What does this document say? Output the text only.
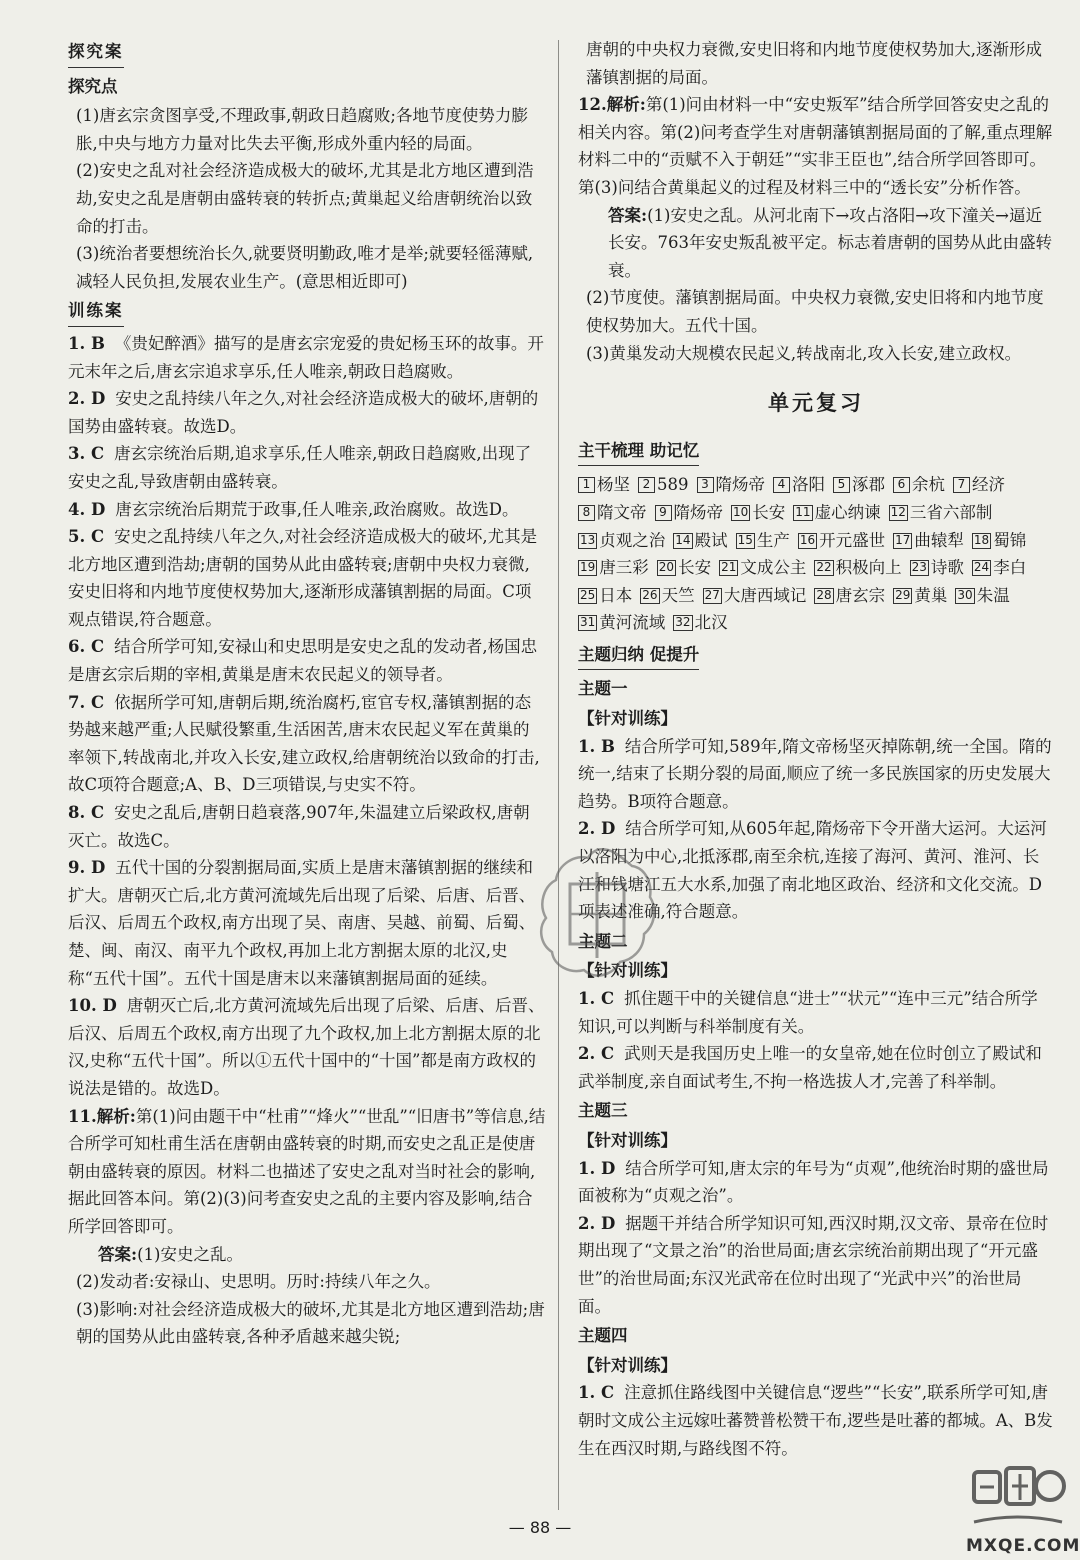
探究案
探究点

(1)唐玄宗贪图享受,不理政事,朝政日趋腐败;各地节度使势力膨胀,中央与地方力量对比失去平衡,形成外重内轻的局面。

(2)安史之乱对社会经济造成极大的破坏,尤其是北方地区遭到浩劫,安史之乱是唐朝由盛转衰的转折点;黄巢起义给唐朝统治以致命的打击。

(3)统治者要想统治长久,就要贤明勤政,唯才是举;就要轻徭薄赋,减轻人民负担,发展农业生产。(意思相近即可)

训练案

1. B 《贵妃醉酒》描写的是唐玄宗宠爱的贵妃杨玉环的故事。开元末年之后,唐玄宗追求享乐,任人唯亲,朝政日趋腐败。

2. D 安史之乱持续八年之久,对社会经济造成极大的破坏,唐朝的国势由盛转衰。故选D。

3. C 唐玄宗统治后期,追求享乐,任人唯亲,朝政日趋腐败,出现了安史之乱,导致唐朝由盛转衰。

4. D 唐玄宗统治后期荒于政事,任人唯亲,政治腐败。故选D。

5. C 安史之乱持续八年之久,对社会经济造成极大的破坏,尤其是北方地区遭到浩劫;唐朝的国势从此由盛转衰;唐朝中央权力衰微,安史旧将和内地节度使权势加大,逐渐形成藩镇割据的局面。C项观点错误,符合题意。

6. C 结合所学可知,安禄山和史思明是安史之乱的发动者,杨国忠是唐玄宗后期的宰相,黄巢是唐末农民起义的领导者。

7. C 依据所学可知,唐朝后期,统治腐朽,宦官专权,藩镇割据的态势越来越严重;人民赋役繁重,生活困苦,唐末农民起义军在黄巢的率领下,转战南北,并攻入长安,建立政权,给唐朝统治以致命的打击,故C项符合题意;A、B、D三项错误,与史实不符。

8. C 安史之乱后,唐朝日趋衰落,907年,朱温建立后梁政权,唐朝灭亡。故选C。

9. D 五代十国的分裂割据局面,实质上是唐末藩镇割据的继续和扩大。唐朝灭亡后,北方黄河流域先后出现了后梁、后唐、后晋、后汉、后周五个政权,南方出现了吴、南唐、吴越、前蜀、后蜀、楚、闽、南汉、南平九个政权,再加上北方割据太原的北汉,史称“五代十国”。五代十国是唐末以来藩镇割据局面的延续。

10. D 唐朝灭亡后,北方黄河流域先后出现了后梁、后唐、后晋、后汉、后周五个政权,南方出现了九个政权,加上北方割据太原的北汉,史称“五代十国”。所以①五代十国中的“十国”都是南方政权的说法是错的。故选D。

11.解析:第(1)问由题干中“杜甫”“烽火”“世乱”“旧唐书”等信息,结合所学可知杜甫生活在唐朝由盛转衰的时期,而安史之乱正是使唐朝由盛转衰的原因。材料二也描述了安史之乱对当时社会的影响,据此回答本问。第(2)(3)问考查安史之乱的主要内容及影响,结合所学回答即可。

答案:(1)安史之乱。

(2)发动者:安禄山、史思明。历时:持续八年之久。

(3)影响:对社会经济造成极大的破坏,尤其是北方地区遭到浩劫;唐朝的国势从此由盛转衰,各种矛盾越来越尖锐;

唐朝的中央权力衰微,安史旧将和内地节度使权势加大,逐渐形成藩镇割据的局面。

12.解析:第(1)问由材料一中“安史叛军”结合所学回答安史之乱的相关内容。第(2)问考查学生对唐朝藩镇割据局面的了解,重点理解材料二中的“贡赋不入于朝廷”“实非王臣也”,结合所学回答即可。第(3)问结合黄巢起义的过程及材料三中的“透长安”分析作答。

答案:(1)安史之乱。从河北南下→攻占洛阳→攻下潼关→逼近长安。763年安史叛乱被平定。标志着唐朝的国势从此由盛转衰。

(2)节度使。藩镇割据局面。中央权力衰微,安史旧将和内地节度使权势加大。五代十国。

(3)黄巢发动大规模农民起义,转战南北,攻入长安,建立政权。

单元复习
主干梳理 助记忆
1 杨坚 2 589 3 隋炀帝 4 洛阳 5 涿郡 6 余杭 7 经济8 隋文帝 9 隋炀帝 10 长安 11 虚心纳谏 12 三省六部制13 贞观之治 14 殿试 15 生产 16 开元盛世 17 曲辕犁 18 蜀锦19 唐三彩 20 长安 21 文成公主 22 积极向上 23 诗歌 24 李白25 日本 26 天竺 27 大唐西域记 28 唐玄宗 29 黄巢 30 朱温31 黄河流域 32 北汉
主题归纳 促提升
主题一
【针对训练】

1. B 结合所学可知,589年,隋文帝杨坚灭掉陈朝,统一全国。隋的统一,结束了长期分裂的局面,顺应了统一多民族国家的历史发展大趋势。B项符合题意。

2. D 结合所学可知,从605年起,隋炀帝下令开凿大运河。大运河以洛阳为中心,北抵涿郡,南至余杭,连接了海河、黄河、淮河、长江和钱塘江五大水系,加强了南北地区政治、经济和文化交流。D项表述准确,符合题意。

主题二
【针对训练】

1. C 抓住题干中的关键信息“进士”“状元”“连中三元”结合所学知识,可以判断与科举制度有关。

2. C 武则天是我国历史上唯一的女皇帝,她在位时创立了殿试和武举制度,亲自面试考生,不拘一格选拔人才,完善了科举制。

主题三
【针对训练】

1. D 结合所学可知,唐太宗的年号为“贞观”,他统治时期的盛世局面被称为“贞观之治”。

2. D 据题干并结合所学知识可知,西汉时期,汉文帝、景帝在位时期出现了“文景之治”的治世局面;唐玄宗统治前期出现了“开元盛世”的治世局面;东汉光武帝在位时出现了“光武中兴”的治世局面。

主题四
【针对训练】

1. C 注意抓住路线图中关键信息“逻些”“长安”,联系所学可知,唐朝时文成公主远嫁吐蕃赞普松赞干布,逻些是吐蕃的都城。A、B发生在西汉时期,与路线图不符。

MXQE.COM
— 88 —
